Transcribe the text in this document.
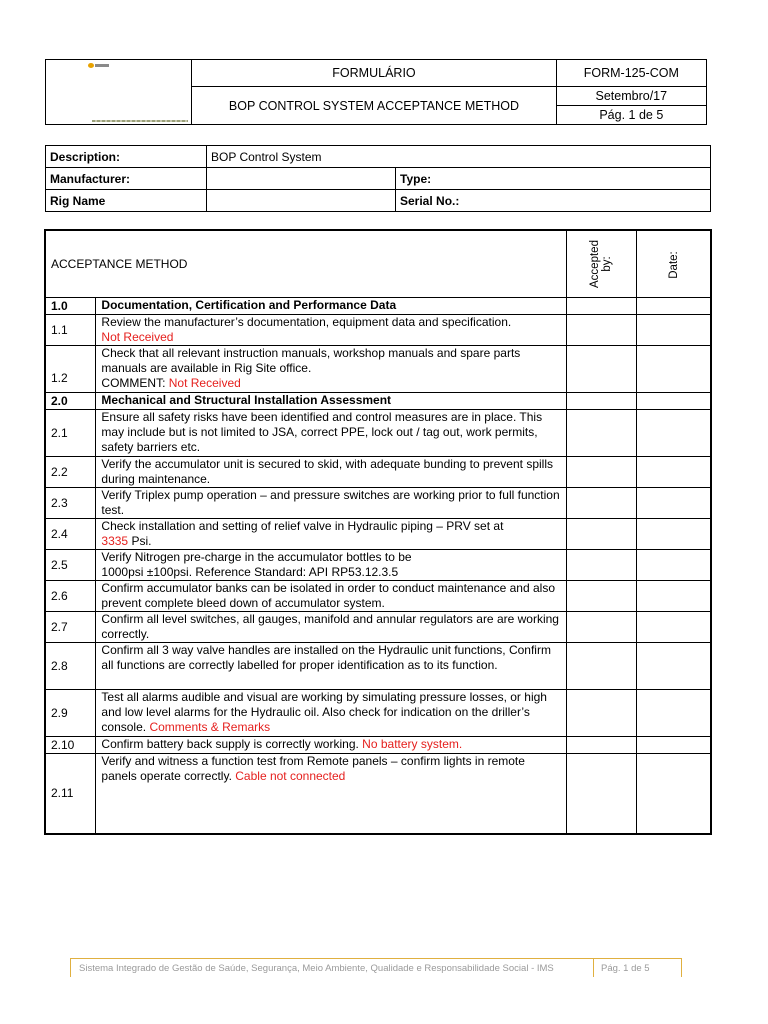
	FORMULÁRIO	FORM-125-COM
	BOP CONTROL SYSTEM ACCEPTANCE METHOD	Setembro/17
		Pág. 1 de 5
Description:	BOP Control System	
Manufacturer:		Type:
Rig Name		Serial No.:
ACCEPTANCE METHOD		Accepted by:	Date:
1.0	Documentation, Certification and Performance Data		
1.1	Review the manufacturer’s documentation, equipment data and specification.
Not Received		
1.2	Check that all relevant instruction manuals, workshop manuals and spare parts manuals are available in Rig Site office.
COMMENT: Not Received		
2.0	Mechanical and Structural Installation Assessment		
2.1	Ensure all safety risks have been identified and control measures are in place. This may include but is not limited to JSA, correct PPE, lock out / tag out, work permits, safety barriers etc.		
2.2	Verify the accumulator unit is secured to skid, with adequate bunding to prevent spills during maintenance.		
2.3	Verify Triplex pump operation – and pressure switches are working prior to full function test.		
2.4	Check installation and setting of relief valve in Hydraulic piping – PRV set at
3335 Psi.		
2.5	Verify Nitrogen pre-charge in the accumulator bottles to be
1000psi ±100psi. Reference Standard: API RP53.12.3.5		
2.6	Confirm accumulator banks can be isolated in order to conduct maintenance and also prevent complete bleed down of accumulator system.		
2.7	Confirm all level switches, all gauges, manifold and annular regulators are are working correctly.		
2.8	Confirm all 3 way valve handles are installed on the Hydraulic unit functions, Confirm all functions are correctly labelled for proper identification as to its function.		
2.9	Test all alarms audible and visual are working by simulating pressure losses, or high and low level alarms for the Hydraulic oil. Also check for indication on the driller’s console. Comments & Remarks		
2.10	Confirm battery back supply is correctly working. No battery system.		
2.11	Verify and witness a function test from Remote panels – confirm lights in remote panels operate correctly. Cable not connected		
Sistema Integrado de Gestão de Saúde, Segurança, Meio Ambiente, Qualidade e Responsabilidade Social - IMS	Pág. 1 de 5
